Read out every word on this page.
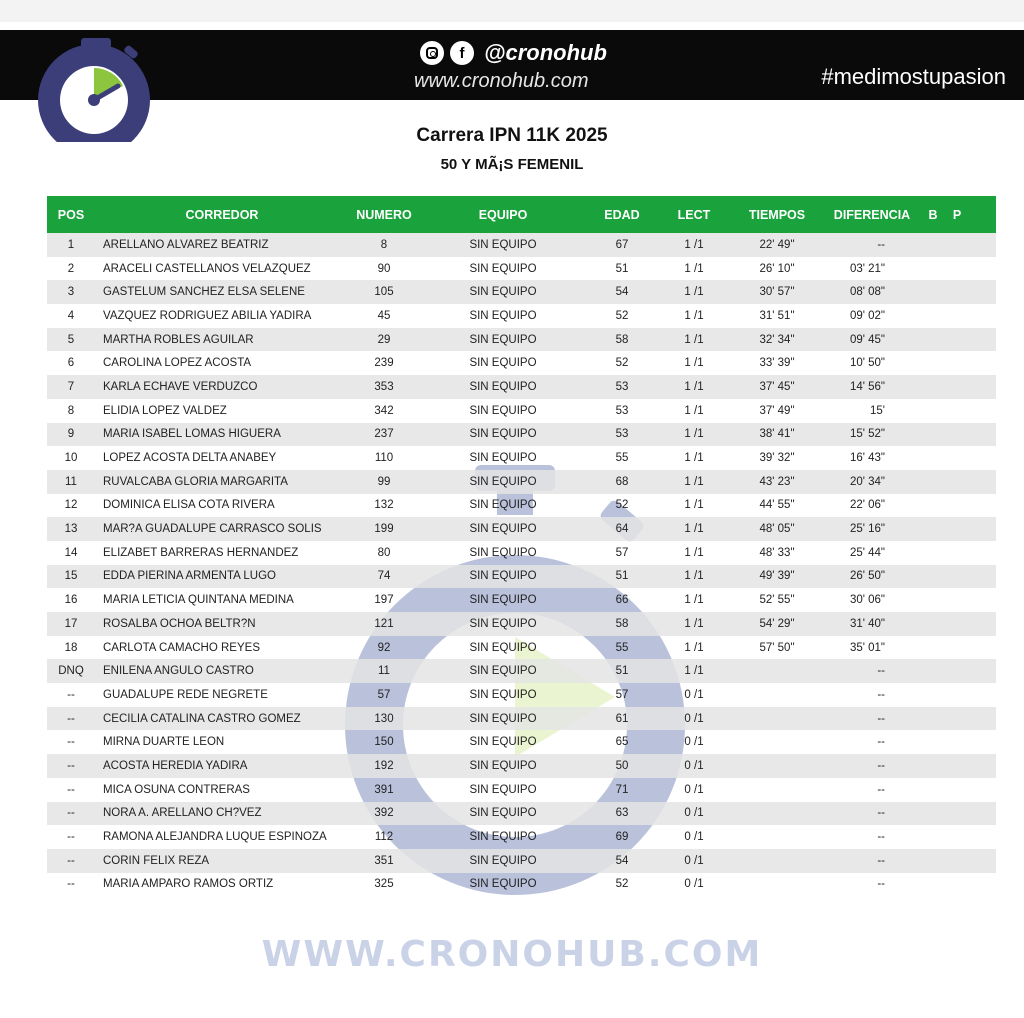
f @cronohub
www.cronohub.com	#medimostupasion
Carrera IPN 11K 2025
50 Y MÃ¡S FEMENIL
POS	CORREDOR	NUMERO	EQUIPO	EDAD	LECT	TIEMPOS	DIFERENCIA	B	P	
1	ARELLANO ALVAREZ BEATRIZ	8	SIN EQUIPO	67	1 /1	22' 49"	--			
2	ARACELI CASTELLANOS VELAZQUEZ	90	SIN EQUIPO	51	1 /1	26' 10"	03' 21"			
3	GASTELUM SANCHEZ ELSA SELENE	105	SIN EQUIPO	54	1 /1	30' 57"	08' 08"			
4	VAZQUEZ RODRIGUEZ ABILIA YADIRA	45	SIN EQUIPO	52	1 /1	31' 51"	09' 02"			
5	MARTHA ROBLES AGUILAR	29	SIN EQUIPO	58	1 /1	32' 34"	09' 45"			
6	CAROLINA LOPEZ ACOSTA	239	SIN EQUIPO	52	1 /1	33' 39"	10' 50"			
7	KARLA ECHAVE VERDUZCO	353	SIN EQUIPO	53	1 /1	37' 45"	14' 56"			
8	ELIDIA LOPEZ VALDEZ	342	SIN EQUIPO	53	1 /1	37' 49"	15'			
9	MARIA ISABEL LOMAS HIGUERA	237	SIN EQUIPO	53	1 /1	38' 41"	15' 52"			
10	LOPEZ ACOSTA DELTA ANABEY	110	SIN EQUIPO	55	1 /1	39' 32"	16' 43"			
11	RUVALCABA GLORIA MARGARITA	99	SIN EQUIPO	68	1 /1	43' 23"	20' 34"			
12	DOMINICA ELISA COTA RIVERA	132	SIN EQUIPO	52	1 /1	44' 55"	22' 06"			
13	MAR?A GUADALUPE CARRASCO SOLIS	199	SIN EQUIPO	64	1 /1	48' 05"	25' 16"			
14	ELIZABET BARRERAS HERNANDEZ	80	SIN EQUIPO	57	1 /1	48' 33"	25' 44"			
15	EDDA PIERINA ARMENTA LUGO	74	SIN EQUIPO	51	1 /1	49' 39"	26' 50"			
16	MARIA LETICIA QUINTANA MEDINA	197	SIN EQUIPO	66	1 /1	52' 55"	30' 06"			
17	ROSALBA OCHOA BELTR?N	121	SIN EQUIPO	58	1 /1	54' 29"	31' 40"			
18	CARLOTA CAMACHO REYES	92	SIN EQUIPO	55	1 /1	57' 50"	35' 01"			
DNQ	ENILENA ANGULO CASTRO	11	SIN EQUIPO	51	1 /1		--			
--	GUADALUPE REDE NEGRETE	57	SIN EQUIPO	57	0 /1		--			
--	CECILIA CATALINA CASTRO GOMEZ	130	SIN EQUIPO	61	0 /1		--			
--	MIRNA DUARTE LEON	150	SIN EQUIPO	65	0 /1		--			
--	ACOSTA HEREDIA YADIRA	192	SIN EQUIPO	50	0 /1		--			
--	MICA OSUNA CONTRERAS	391	SIN EQUIPO	71	0 /1		--			
--	NORA A. ARELLANO CH?VEZ	392	SIN EQUIPO	63	0 /1		--			
--	RAMONA ALEJANDRA LUQUE ESPINOZA	112	SIN EQUIPO	69	0 /1		--			
--	CORIN FELIX REZA	351	SIN EQUIPO	54	0 /1		--			
--	MARIA AMPARO RAMOS ORTIZ	325	SIN EQUIPO	52	0 /1		--			
WWW.CRONOHUB.COM
